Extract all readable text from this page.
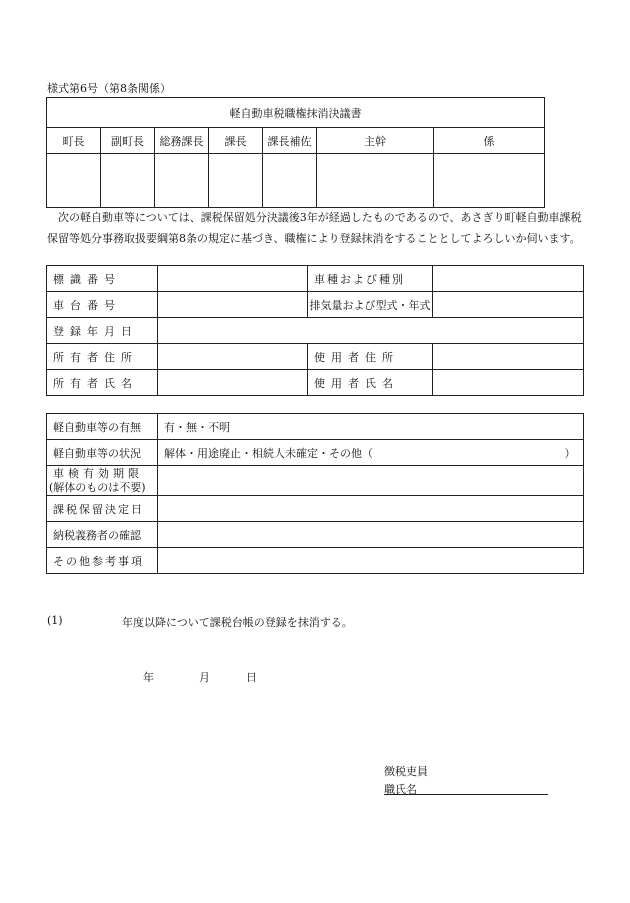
様式第6号（第8条関係）
軽自動車税職権抹消決議書						
町長	副町長	総務課長	課長	課長補佐	主幹	係

次の軽自動車等については、課税保留処分決議後3年が経過したものであるので、あさぎり町軽自動車課税保留等処分事務取扱要綱第8条の規定に基づき、職権により登録抹消をすることとしてよろしいか伺います。
標識番号		車種および種別	
車台番号		排気量および型式・年式	
登録年月日			
所有者住所		使用者住所	
所有者氏名		使用者氏名	
軽自動車等の有無	有・無・不明
軽自動車等の状況	解体・用途廃止・相続人未確定・その他（ ）

車検有効期限
(解体のものは不要)	

課税保留決定日	
納税義務者の確認	
その他参考事項	
(1)	年度以降について課税台帳の登録を抹消する。
年	月	日
徴税吏員
職氏名
